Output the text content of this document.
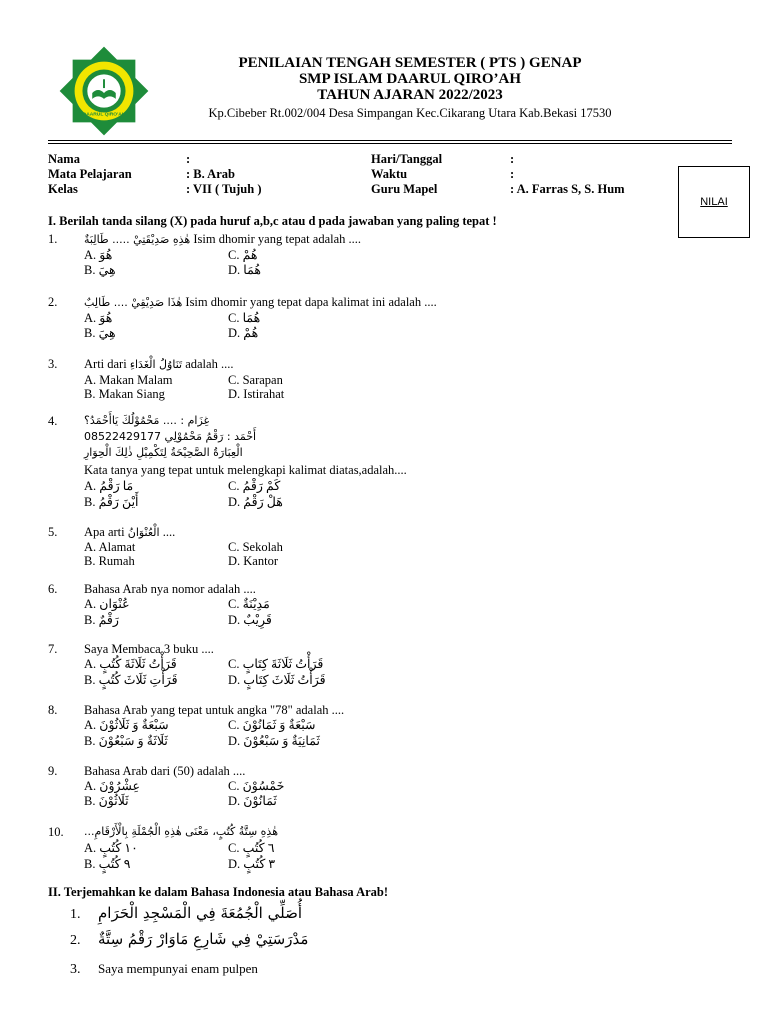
DAARUL QIRO'AH
PENILAIAN TENGAH SEMESTER ( PTS ) GENAP
SMP ISLAM DAARUL QIRO’AH
TAHUN AJARAN 2022/2023
Kp.Cibeber Rt.002/004 Desa Simpangan Kec.Cikarang Utara Kab.Bekasi 17530
Nama	:
Mata Pelajaran	: B. Arab
Kelas	: VII ( Tujuh )
Hari/Tanggal	:
Waktu	:
Guru Mapel	: A. Farras S, S. Hum
NILAI
I. Berilah tanda silang (X) pada huruf a,b,c atau d pada jawaban yang paling tepat !
1. هٰذِهِ صَدِيْقَتِيْ ..... طَالِبَةٌ Isim dhomir yang tepat adalah ....
A. هُوَ	C. هُمْ
B. هِيَ	D. هُمَا
2. هٰذَا صَدِيْقِيْ .... طَالِبٌ Isim dhomir yang tepat dapa kalimat ini adalah ....
A. هُوَ	C. هُمَا
B. هِيَ	D. هُمْ
3. Arti dari تَنَاوُلُ الْغَدَاءِ adalah ....
A. Makan Malam	C. Sarapan
B. Makan Siang	D. Istirahat
4. غِزَام : .... مَحْمُوْلُكَ يَاأَحْمَدُ؟
أَحْمَد : رَقْمُ مَحْمُوْلِي 08522429177
الْعِبَارَةُ الصَّحِيْحَةُ لِتَكْمِيْلِ ذٰلِكَ الْحِوَارِ
Kata tanya yang tepat untuk melengkapi kalimat diatas,adalah....
A. مَا رَقْمُ	C. كَمْ رَقْمُ
B. أَيْنَ رَقْمُ	D. هَلْ رَقْمُ
5. Apa arti الْعُنْوَانُ ....
A. Alamat	C. Sekolah
B. Rumah	D. Kantor
6. Bahasa Arab nya nomor adalah ....
A. عُنْوَان	C. مَدِيْنَةٌ
B. رَقْمٌ	D. قَرِيْبٌ
7. Saya Membaca 3 buku ....
A. قَرَأْتُ ثَلَاثَةَ كُتُبٍ	C. قَرَأْتُ ثَلَاثَةَ كِتَابٍ
B. قَرَأْتِ ثَلَاثَ كُتُبٍ	D. قَرَأْتُ ثَلَاثَ كِتَابٍ
8. Bahasa Arab yang tepat untuk angka "78" adalah ....
A. سَبْعَةٌ وَ ثَلَاثُوْنَ	C. سَبْعَةٌ وَ ثَمَانُوْنَ
B. ثَلَاثَةٌ وَ سَبْعُوْنَ	D. ثَمَانِيَةٌ وَ سَبْعُوْنَ
9. Bahasa Arab dari (50) adalah ....
A. عِشْرُوْنَ	C. خَمْسُوْنَ
B. ثَلَاثُوْنَ	D. ثَمَانُوْنَ
10. هٰذِهِ سِتَّةُ كُتُبٍ، مَعْنَى هٰذِهِ الْجُمْلَةِ بِالْأَرْقَامِ...
A. ١٠ كُتُبٍ	C. ٦ كُتُبٍ
B. ٩ كُتُبٍ	D. ٣ كُتُبٍ
II. Terjemahkan ke dalam Bahasa Indonesia atau Bahasa Arab!
1. أُصَلِّي الْجُمُعَةَ فِي الْمَسْجِدِ الْحَرَامِ
2. مَدْرَسَتِيْ فِي شَارِعِ مَاوَارْ رَقْمُ سِتَّةٌ
3. Saya mempunyai enam pulpen
